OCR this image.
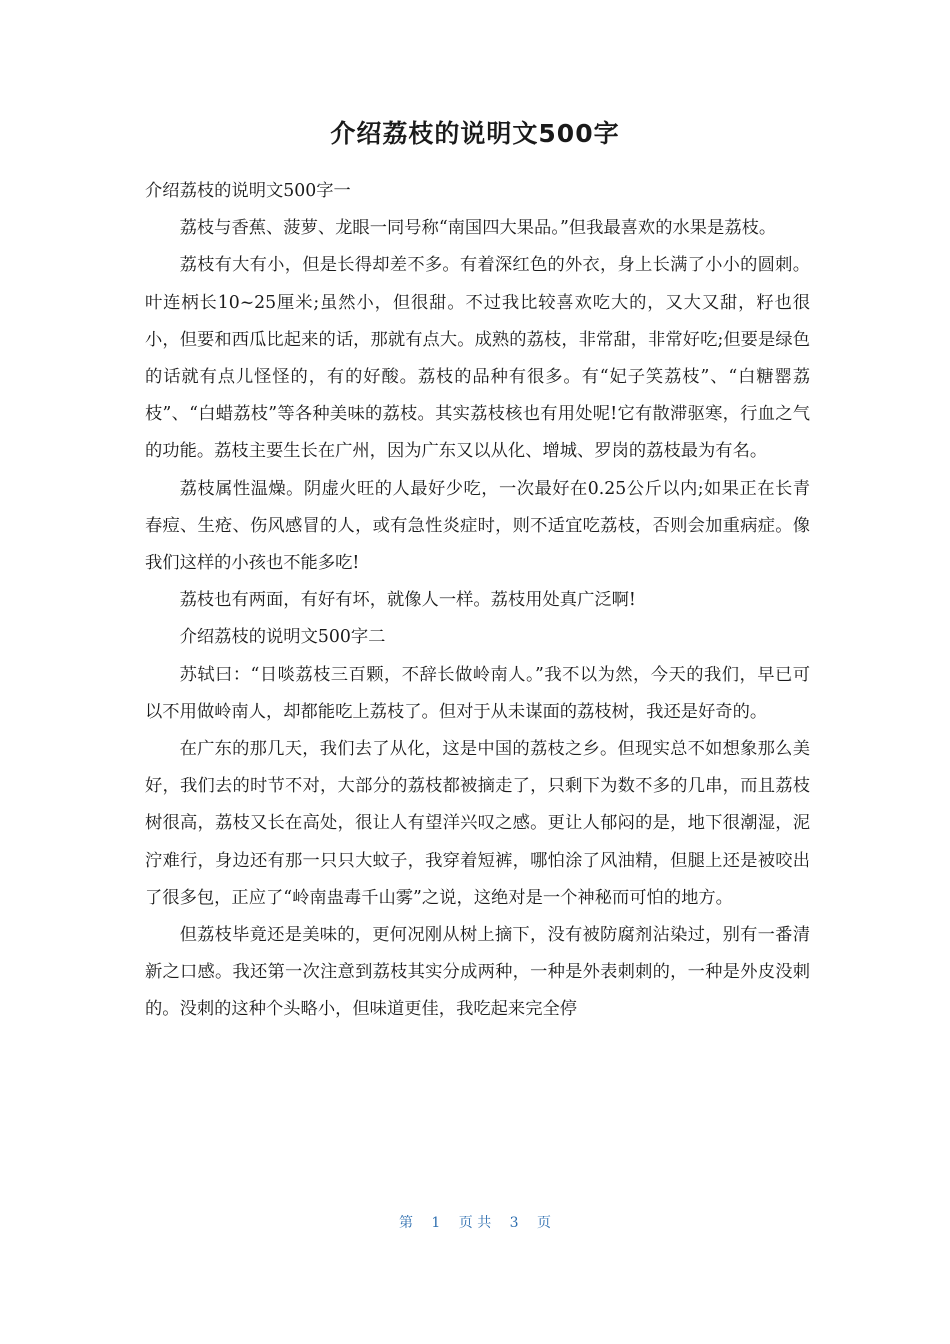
介绍荔枝的说明文500字

介绍荔枝的说明文500字一

荔枝与香蕉、菠萝、龙眼一同号称“南国四大果品。”但我最喜欢的水果是荔枝。

荔枝有大有小，但是长得却差不多。有着深红色的外衣，身上长满了小小的圆刺。叶连柄长10~25厘米;虽然小，但很甜。不过我比较喜欢吃大的，又大又甜，籽也很小，但要和西瓜比起来的话，那就有点大。成熟的荔枝，非常甜，非常好吃;但要是绿色的话就有点儿怪怪的，有的好酸。荔枝的品种有很多。有“妃子笑荔枝”、“白糖罂荔枝”、“白蜡荔枝”等各种美味的荔枝。其实荔枝核也有用处呢!它有散滞驱寒，行血之气的功能。荔枝主要生长在广州，因为广东又以从化、增城、罗岗的荔枝最为有名。

荔枝属性温燥。阴虚火旺的人最好少吃，一次最好在0.25公斤以内;如果正在长青春痘、生疮、伤风感冒的人，或有急性炎症时，则不适宜吃荔枝，否则会加重病症。像我们这样的小孩也不能多吃!

荔枝也有两面，有好有坏，就像人一样。荔枝用处真广泛啊!

介绍荔枝的说明文500字二

苏轼曰：“日啖荔枝三百颗，不辞长做岭南人。”我不以为然，今天的我们，早已可以不用做岭南人，却都能吃上荔枝了。但对于从未谋面的荔枝树，我还是好奇的。

在广东的那几天，我们去了从化，这是中国的荔枝之乡。但现实总不如想象那么美好，我们去的时节不对，大部分的荔枝都被摘走了，只剩下为数不多的几串，而且荔枝树很高，荔枝又长在高处，很让人有望洋兴叹之感。更让人郁闷的是，地下很潮湿，泥泞难行，身边还有那一只只大蚊子，我穿着短裤，哪怕涂了风油精，但腿上还是被咬出了很多包，正应了“岭南蛊毒千山雾”之说，这绝对是一个神秘而可怕的地方。

但荔枝毕竟还是美味的，更何况刚从树上摘下，没有被防腐剂沾染过，别有一番清新之口感。我还第一次注意到荔枝其实分成两种，一种是外表刺刺的，一种是外皮没刺的。没刺的这种个头略小，但味道更佳，我吃起来完全停

第 1 页 共 3 页
